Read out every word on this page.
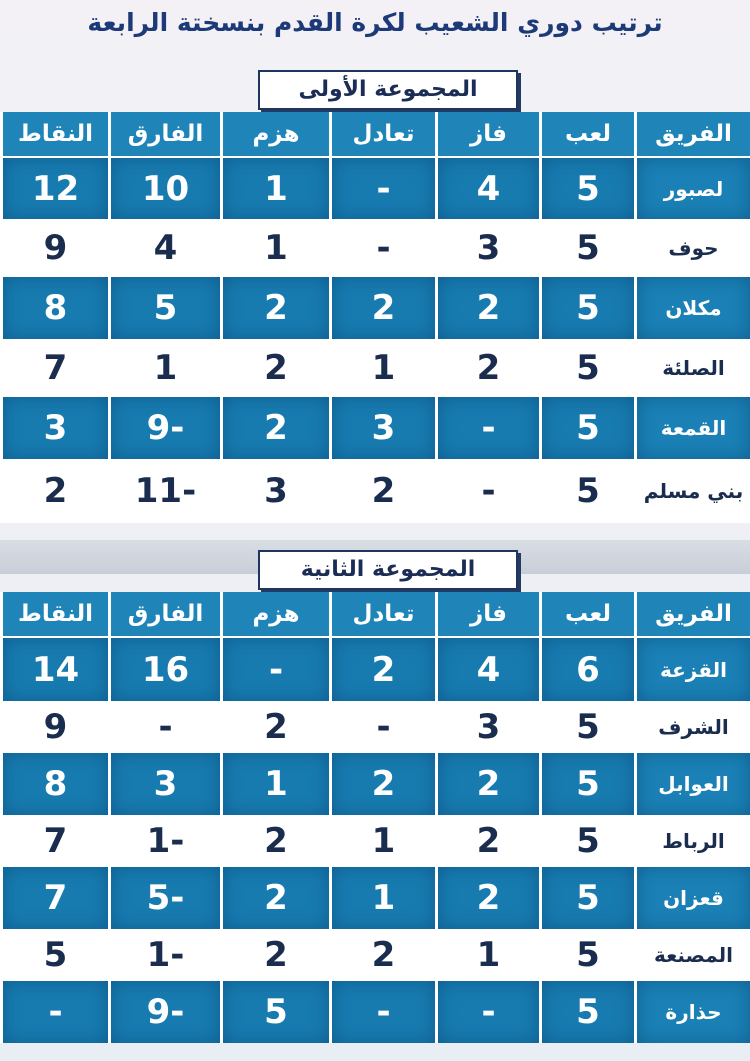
ترتيب دوري الشعيب لكرة القدم بنسختة الرابعة
المجموعة الأولى
الفريق	لعب	فاز	تعادل	هزم	الفارق	النقاط
لصبور	5	4	-	1	10	12
حوف	5	3	-	1	4	9
مكلان	5	2	2	2	5	8
الصلئة	5	2	1	2	1	7
القمعة	5	-	3	2	-9	3
بني مسلم	5	-	2	3	-11	2
المجموعة الثانية
الفريق	لعب	فاز	تعادل	هزم	الفارق	النقاط
القزعة	6	4	2	-	16	14
الشرف	5	3	-	2	-	9
العوابل	5	2	2	1	3	8
الرباط	5	2	1	2	-1	7
قعزان	5	2	1	2	-5	7
المصنعة	5	1	2	2	-1	5
حذارة	5	-	-	5	-9	-
